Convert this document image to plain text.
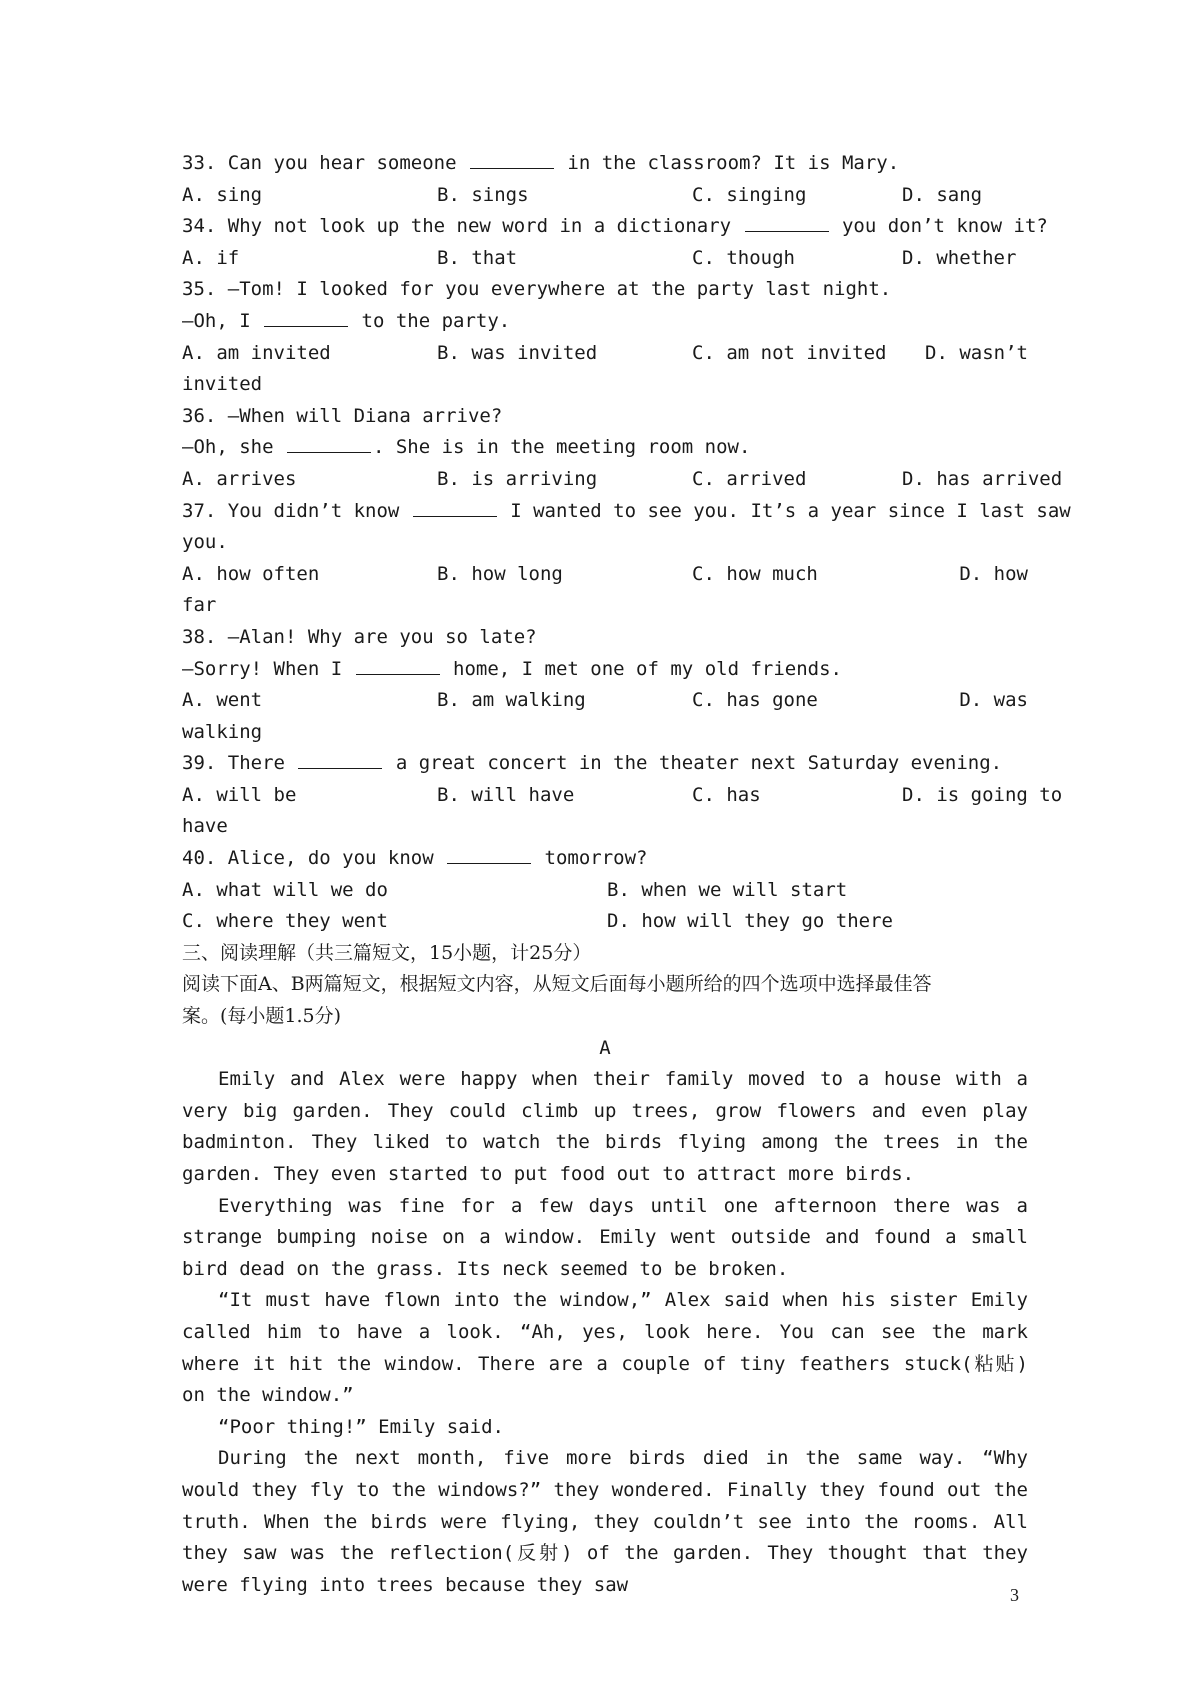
33. Can you hear someone	in the classroom? It is Mary.
A. sing	B. sings	C. singing	D. sang
34. Why not look up the new word in a dictionary	you don’t know it?
A. if	B. that	C. though	D. whether
35. —Tom! I looked for you everywhere at the party last night.
—Oh, I	to the party.
A. am invited	B. was invited	C. am not invited	D. wasn’t
invited
36. —When will Diana arrive?
—Oh, she	. She is in the meeting room now.
A. arrives	B. is arriving	C. arrived	D. has arrived
37. You didn’t know	I wanted to see you. It’s a year since I last saw
you.
A. how often	B. how long	C. how much	D. how
far
38. —Alan! Why are you so late?
—Sorry! When I	home, I met one of my old friends.
A. went	B. am walking	C. has gone	D. was
walking
39. There	a great concert in the theater next Saturday evening.
A. will be	B. will have	C. has	D. is going to
have
40. Alice, do you know	tomorrow?
A. what will we do	B. when we will start
C. where they went	D. how will they go there
三、阅读理解（共三篇短文，15小题，计25分）
阅读下面A、B两篇短文，根据短文内容，从短文后面每小题所给的四个选项中选择最佳答
案。(每小题1.5分)
A
Emily and Alex were happy when their family moved to a house with a very big garden. They could climb up trees, grow flowers and even play badminton. They liked to watch the birds flying among the trees in the garden. They even started to put food out to attract more birds.
Everything was fine for a few days until one afternoon there was a strange bumping noise on a window. Emily went outside and found a small bird dead on the grass. Its neck seemed to be broken.
“It must have flown into the window,” Alex said when his sister Emily called him to have a look. “Ah, yes, look here. You can see the mark where it hit the window. There are a couple of tiny feathers stuck(粘贴) on the window.”
“Poor thing!” Emily said.
During the next month, five more birds died in the same way. “Why would they fly to the windows?” they wondered. Finally they found out the truth. When the birds were flying, they couldn’t see into the rooms. All they saw was the reflection(反射) of the garden. They thought that they were flying into trees because they saw	3
